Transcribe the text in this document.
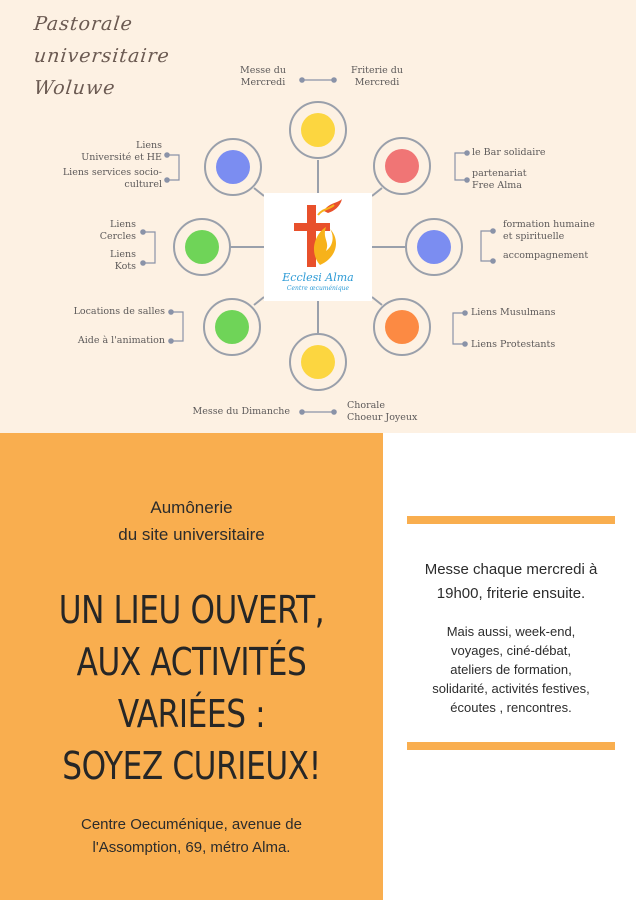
Pastorale
universitaire
Woluwe
Ecclesi Alma
Centre œcuménique
Messe du
Mercredi
Friterie du
Mercredi
Liens
Université et HE
Liens services socio-
culturel
Liens
Cercles
Liens
Kots
Locations de salles
Aide à l'animation
Messe du Dimanche
Chorale
Choeur Joyeux
le Bar solidaire
partenariat
Free Alma
formation humaine
et spirituelle
accompagnement
Liens Musulmans
Liens Protestants
Aumônerie
du site universitaire
UN LIEU OUVERT,
AUX ACTIVITÉS
VARIÉES :
SOYEZ CURIEUX!
Centre Oecuménique, avenue de
l'Assomption, 69, métro Alma.
Messe chaque mercredi à
19h00, friterie ensuite.
Mais aussi, week-end,
voyages, ciné-débat,
ateliers de formation,
solidarité, activités festives,
écoutes , rencontres.
